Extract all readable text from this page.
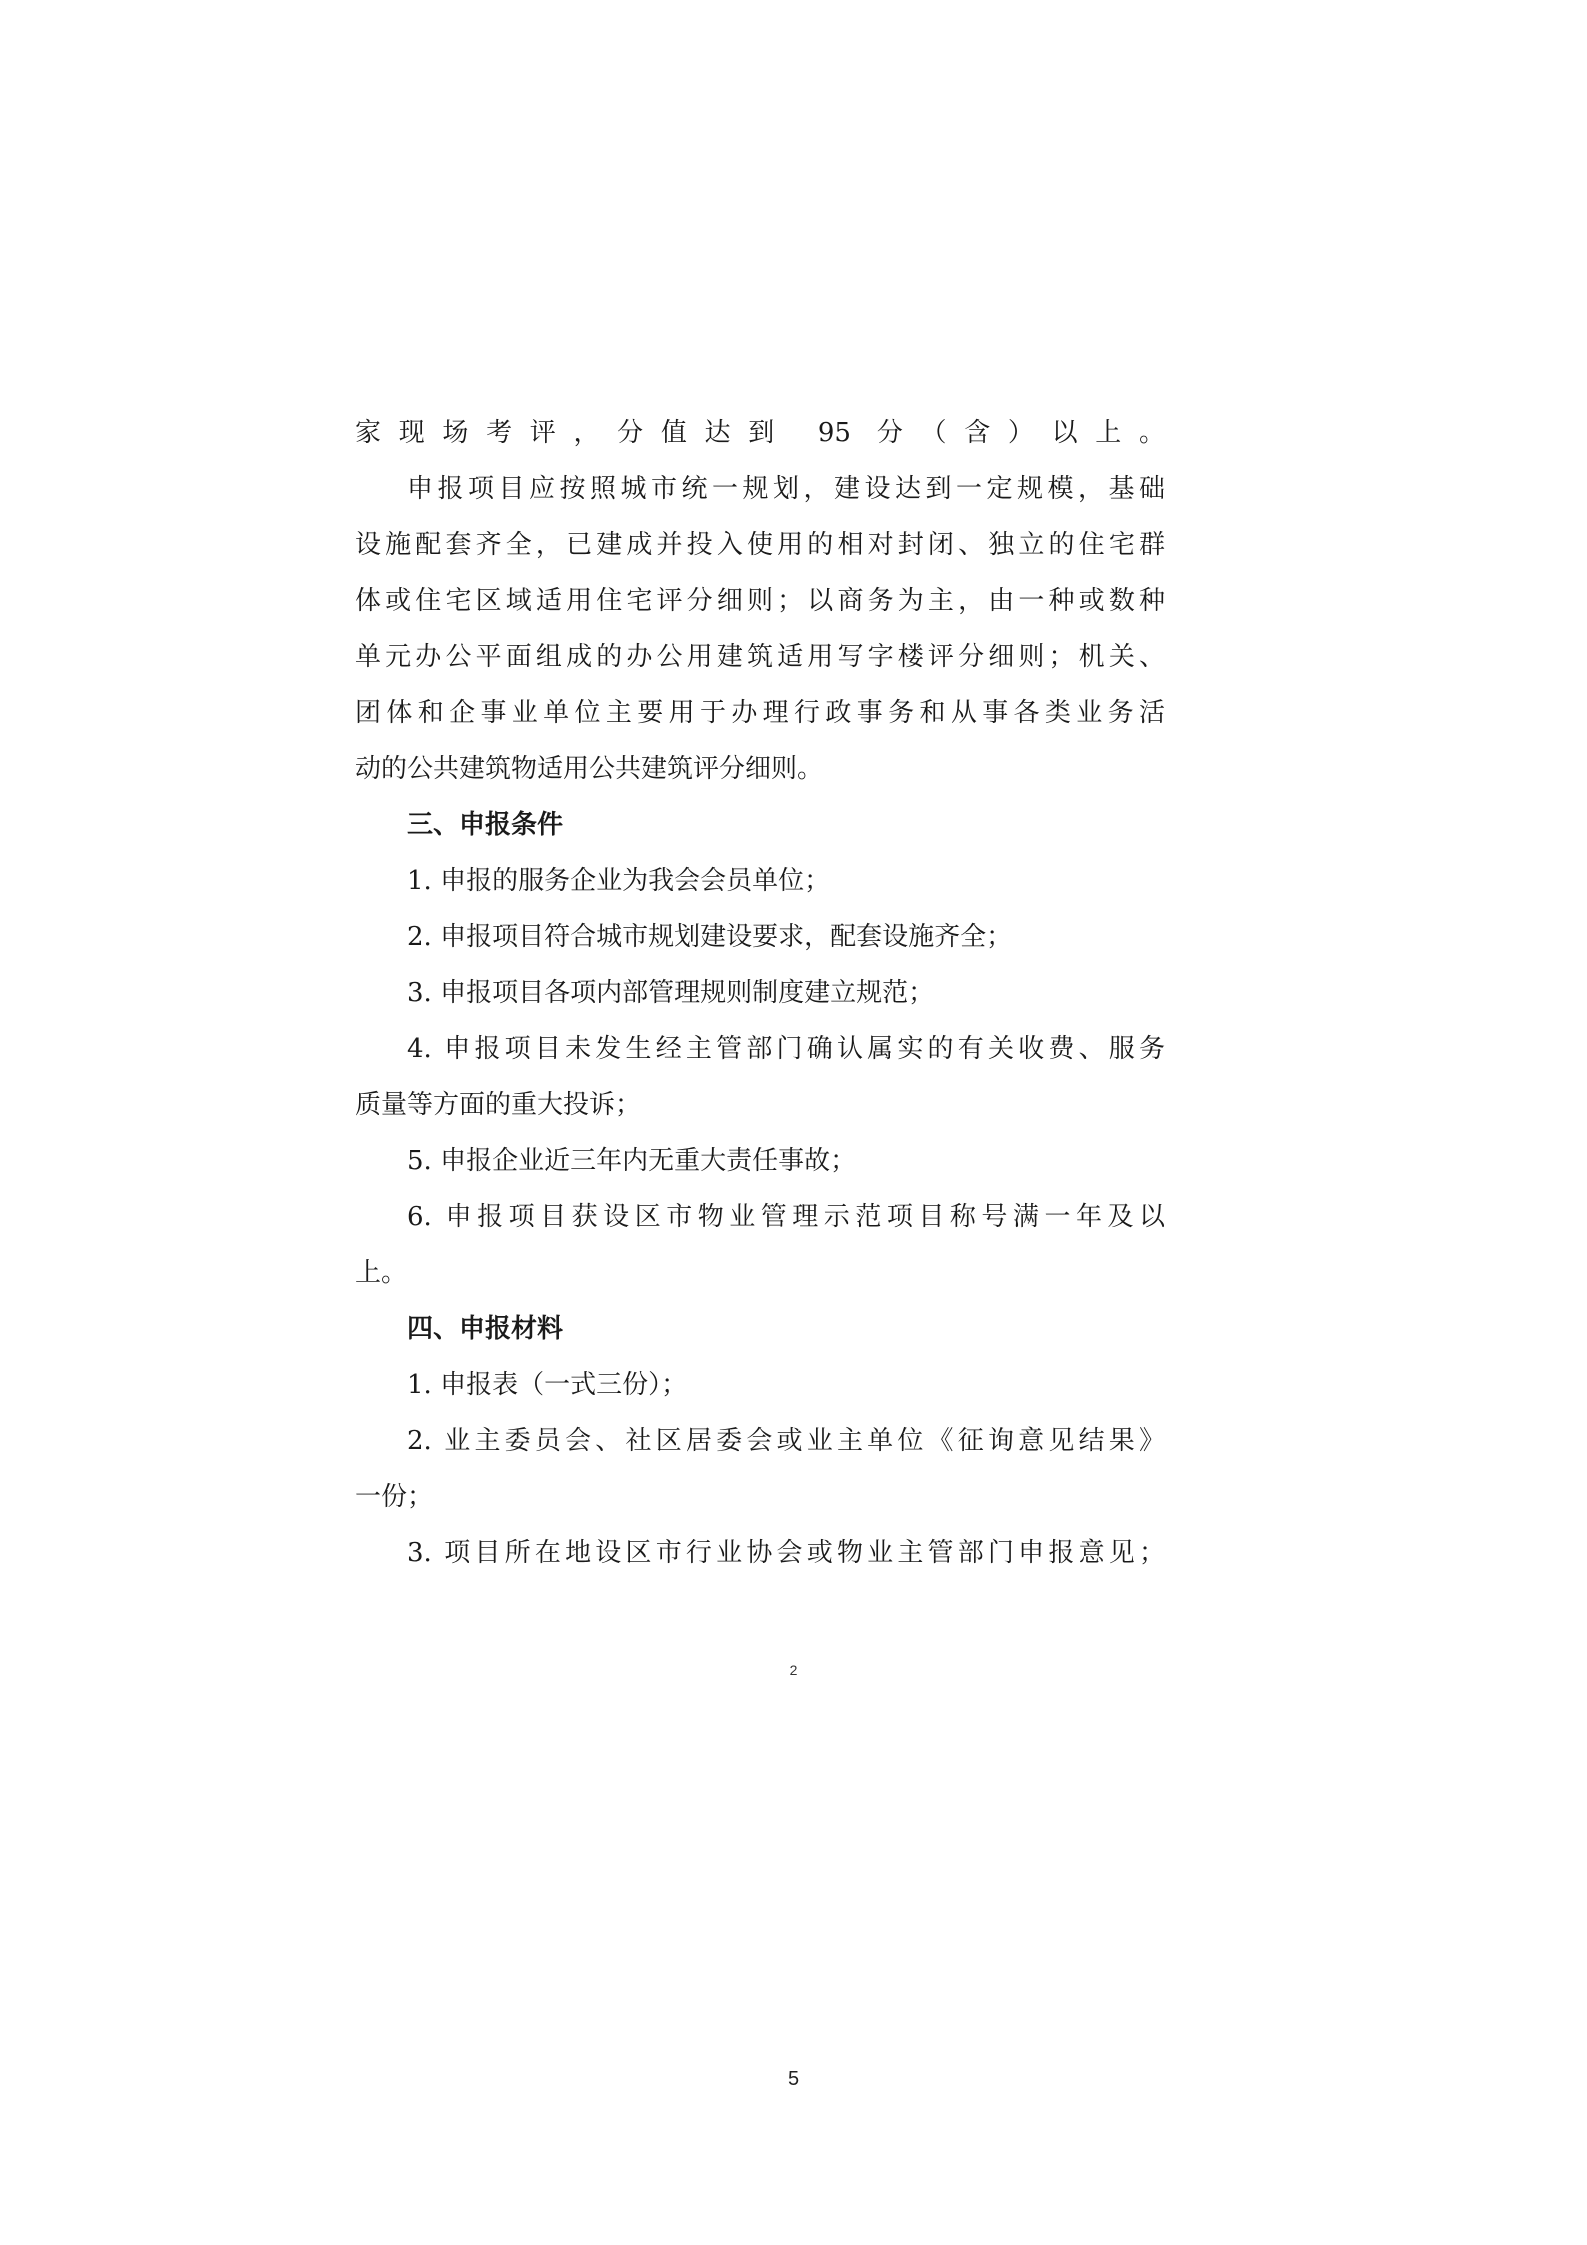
家现场考评，分值达到 95 分（含）以上。
申报项目应按照城市统一规划，建设达到一定规模，基础
设施配套齐全，已建成并投入使用的相对封闭、独立的住宅群
体或住宅区域适用住宅评分细则；以商务为主，由一种或数种
单元办公平面组成的办公用建筑适用写字楼评分细则；机关、
团体和企事业单位主要用于办理行政事务和从事各类业务活
动的公共建筑物适用公共建筑评分细则。
三、申报条件
1. 申报的服务企业为我会会员单位；
2. 申报项目符合城市规划建设要求，配套设施齐全；
3. 申报项目各项内部管理规则制度建立规范；
4. 申报项目未发生经主管部门确认属实的有关收费、服务
质量等方面的重大投诉；
5. 申报企业近三年内无重大责任事故；
6. 申报项目获设区市物业管理示范项目称号满一年及以
上。
四、申报材料
1. 申报表（一式三份）；
2. 业主委员会、社区居委会或业主单位《征询意见结果》
一份；
3. 项目所在地设区市行业协会或物业主管部门申报意见；
2
5
